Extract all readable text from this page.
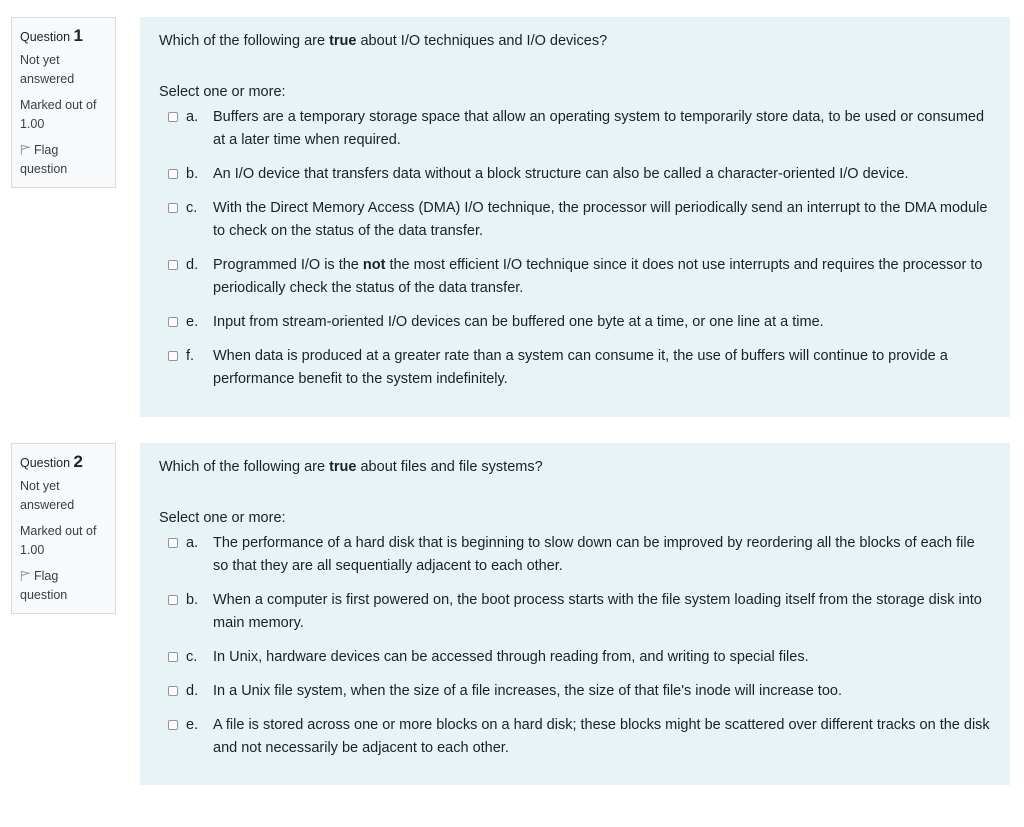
Question 1
Not yet answered
Marked out of 1.00
Flag question
Which of the following are true about I/O techniques and I/O devices?
Select one or more:
a. Buffers are a temporary storage space that allow an operating system to temporarily store data, to be used or consumed at a later time when required.
b. An I/O device that transfers data without a block structure can also be called a character-oriented I/O device.
c. With the Direct Memory Access (DMA) I/O technique, the processor will periodically send an interrupt to the DMA module to check on the status of the data transfer.
d. Programmed I/O is the not the most efficient I/O technique since it does not use interrupts and requires the processor to periodically check the status of the data transfer.
e. Input from stream-oriented I/O devices can be buffered one byte at a time, or one line at a time.
f. When data is produced at a greater rate than a system can consume it, the use of buffers will continue to provide a performance benefit to the system indefinitely.
Question 2
Not yet answered
Marked out of 1.00
Flag question
Which of the following are true about files and file systems?
Select one or more:
a. The performance of a hard disk that is beginning to slow down can be improved by reordering all the blocks of each file so that they are all sequentially adjacent to each other.
b. When a computer is first powered on, the boot process starts with the file system loading itself from the storage disk into main memory.
c. In Unix, hardware devices can be accessed through reading from, and writing to special files.
d. In a Unix file system, when the size of a file increases, the size of that file's inode will increase too.
e. A file is stored across one or more blocks on a hard disk; these blocks might be scattered over different tracks on the disk and not necessarily be adjacent to each other.
